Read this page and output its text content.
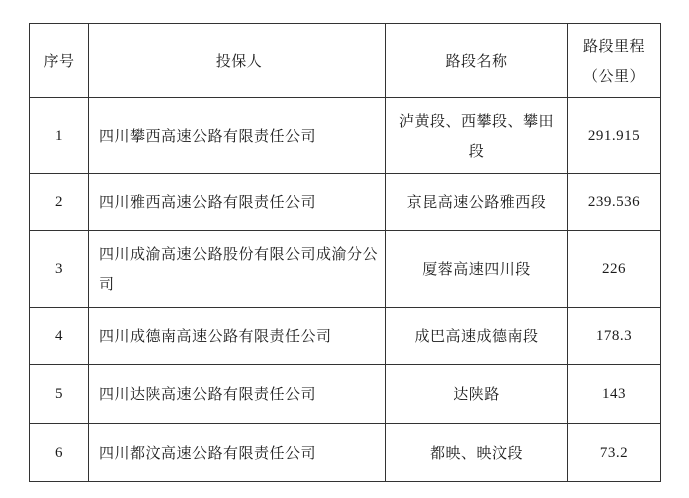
序号	投保人	路段名称	路段里程
（公里）

1	四川攀西高速公路有限责任公司	泸黄段、西攀段、攀田段	291.915
2	四川雅西高速公路有限责任公司	京昆高速公路雅西段	239.536
3	四川成渝高速公路股份有限公司成渝分公司	厦蓉高速四川段	226
4	四川成德南高速公路有限责任公司	成巴高速成德南段	178.3
5	四川达陕高速公路有限责任公司	达陕路	143
6	四川都汶高速公路有限责任公司	都映、映汶段	73.2
